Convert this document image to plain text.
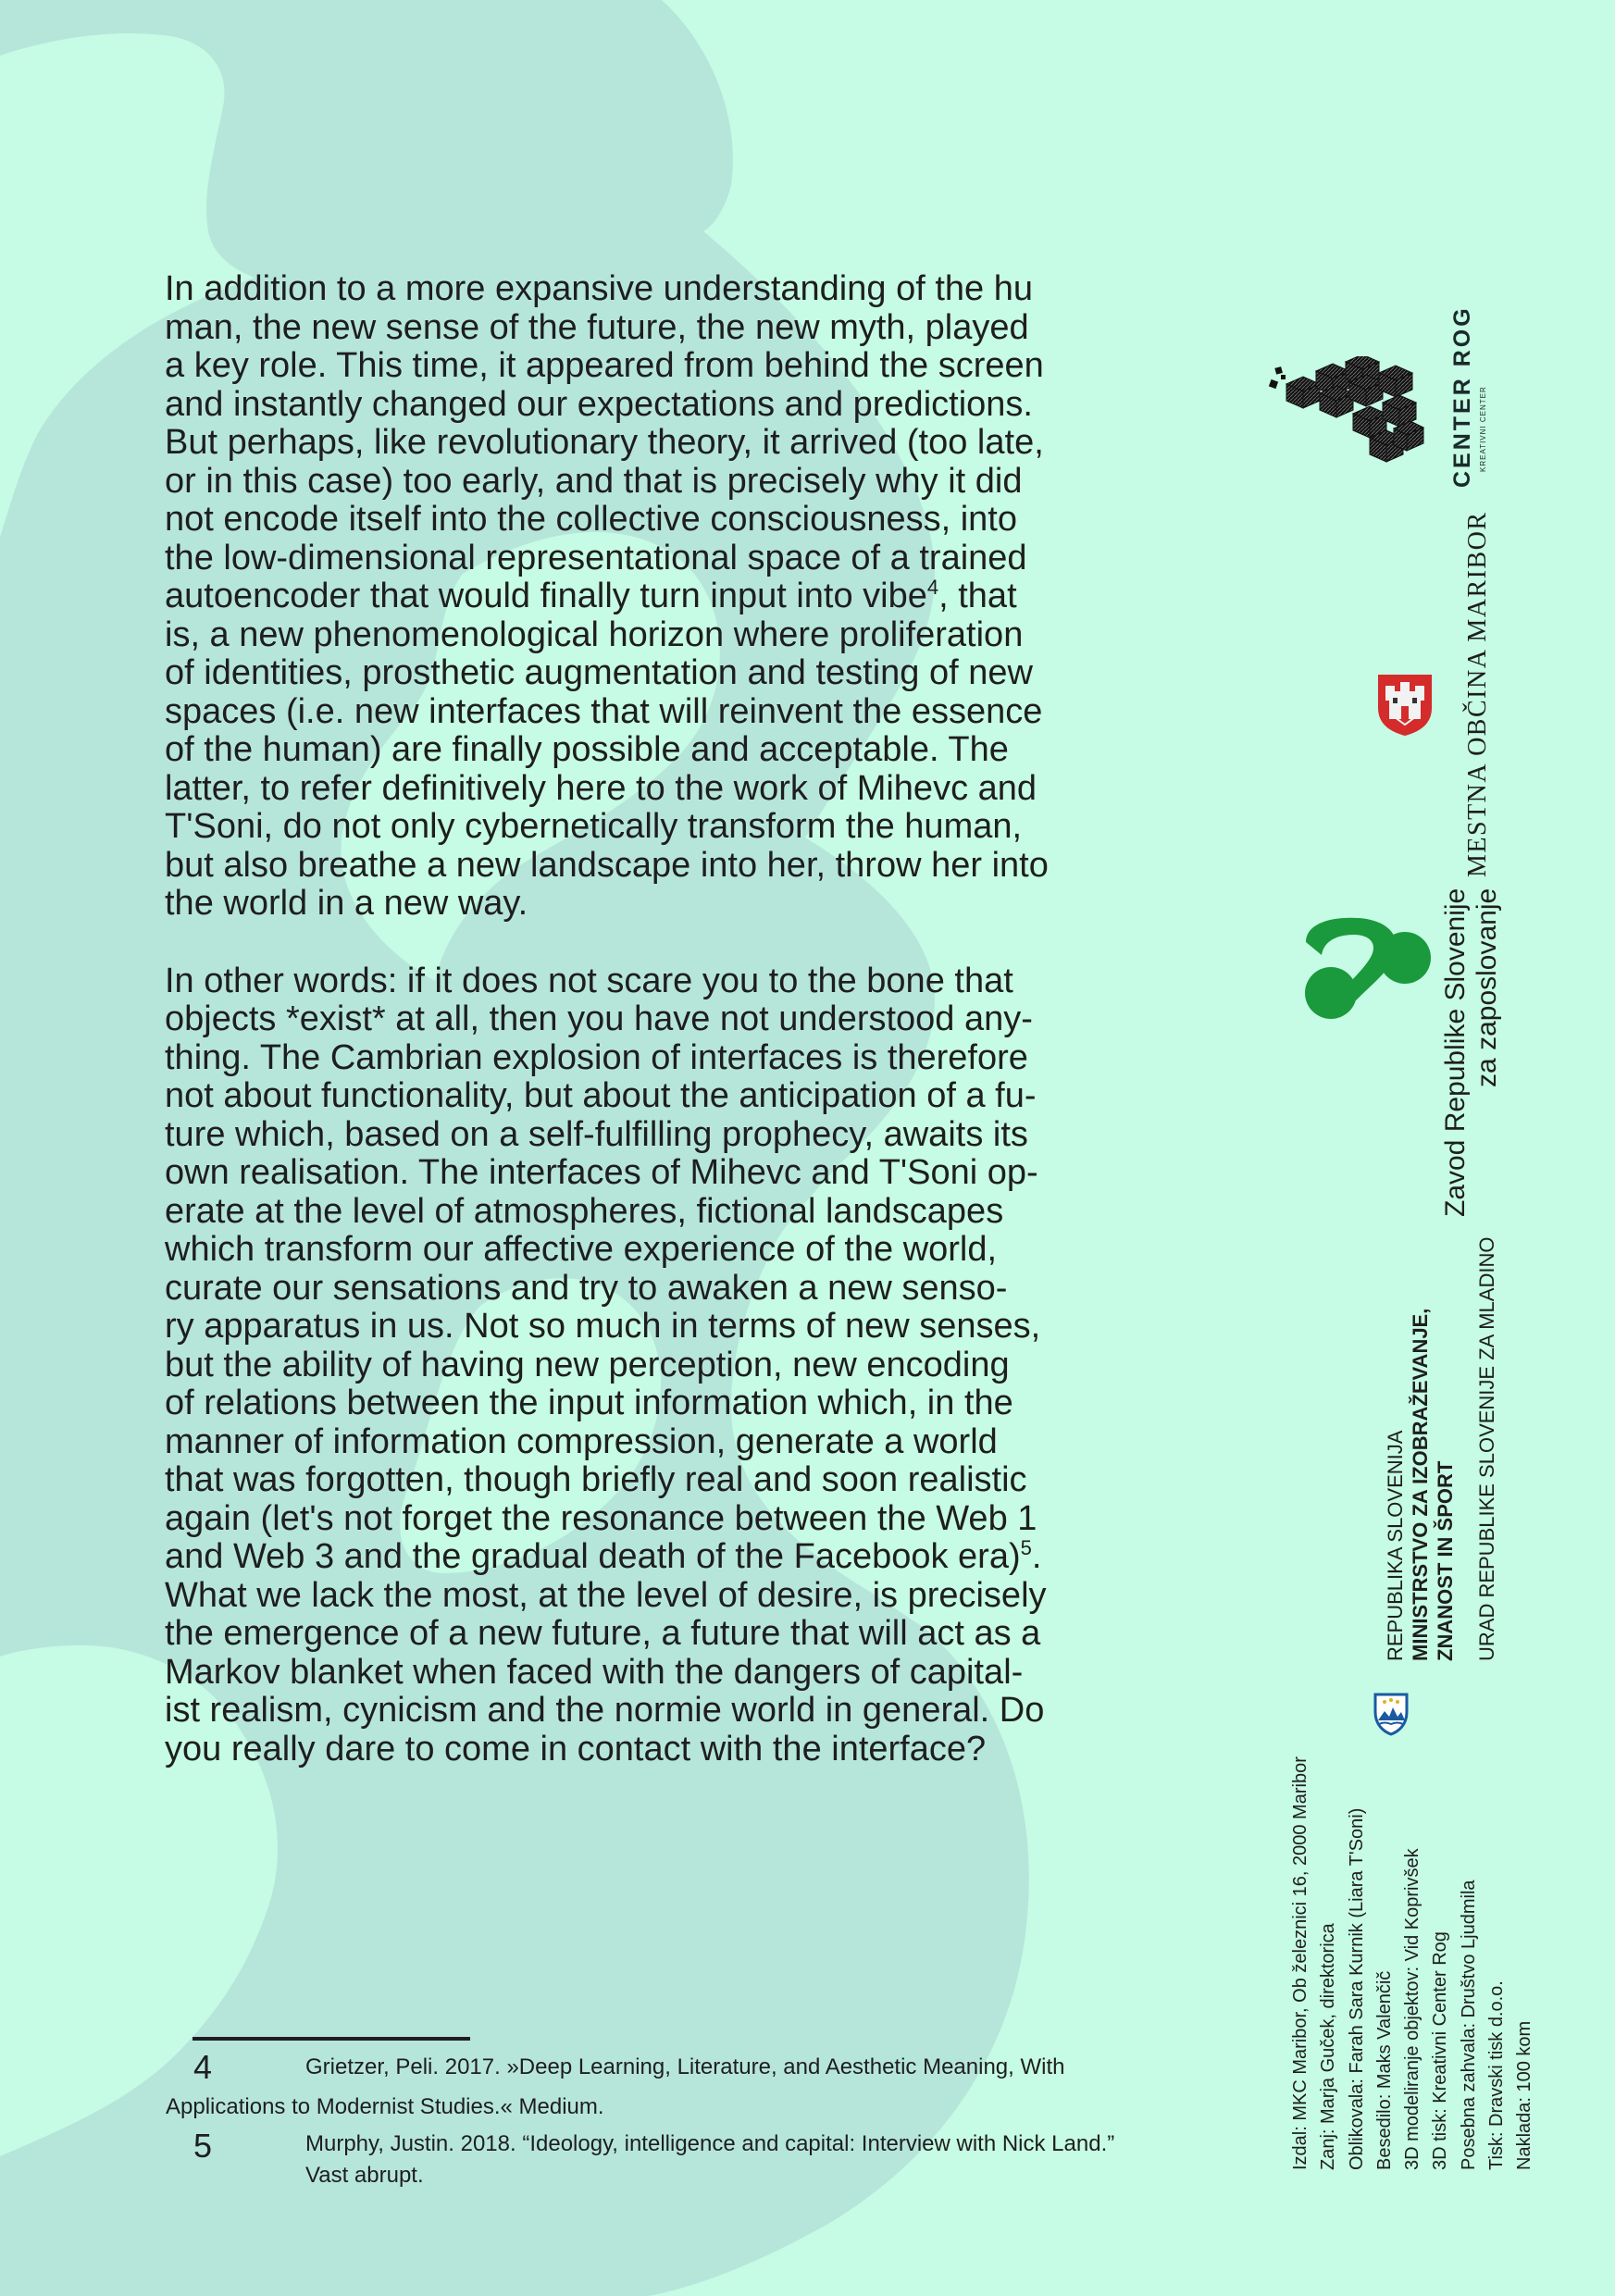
In addition to a more expansive understanding of the hu
man, the new sense of the future, the new myth, played
a key role. This time, it appeared from behind the screen
and instantly changed our expectations and predictions.
But perhaps, like revolutionary theory, it arrived (too late,
or in this case) too early, and that is precisely why it did
not encode itself into the collective consciousness, into
the low-dimensional representational space of a trained
autoencoder that would finally turn input into vibe$^4$, that
is, a new phenomenological horizon where proliferation
of identities, prosthetic augmentation and testing of new
spaces (i.e. new interfaces that will reinvent the essence
of the human) are finally possible and acceptable. The
latter, to refer definitively here to the work of Mihevc and
T'Soni, do not only cybernetically transform the human,
but also breathe a new landscape into her, throw her into
the world in a new way.

In other words: if it does not scare you to the bone that
objects *exist* at all, then you have not understood any-
thing. The Cambrian explosion of interfaces is therefore
not about functionality, but about the anticipation of a fu-
ture which, based on a self-fulfilling prophecy, awaits its
own realisation. The interfaces of Mihevc and T'Soni op-
erate at the level of atmospheres, fictional landscapes
which transform our affective experience of the world,
curate our sensations and try to awaken a new senso-
ry apparatus in us. Not so much in terms of new senses,
but the ability of having new perception, new encoding
of relations between the input information which, in the
manner of information compression, generate a world
that was forgotten, though briefly real and soon realistic
again (let's not forget the resonance between the Web 1
and Web 3 and the gradual death of the Facebook era)$^5$.
What we lack the most, at the level of desire, is precisely
the emergence of a new future, a future that will act as a
Markov blanket when faced with the dangers of capital-
ist realism, cynicism and the normie world in general. Do
you really dare to come in contact with the interface?

4	Grietzer, Peli. 2017. »Deep Learning, Literature, and Aesthetic Meaning, With
Applications to Modernist Studies.« Medium.
5	Murphy, Justin. 2018. “Ideology, intelligence and capital: Interview with Nick Land.” Vast abrupt.
Izdal: MKC Maribor, Ob železnici 16, 2000 Maribor Zanj: Marja Guček, direktorica Oblikovala: Farah Sara Kurnik (Liara T'Soni) Besedilo: Maks Valenčič 3D modeliranje objektov: Vid Koprivšek 3D tisk: Kreativni Center Rog Posebna zahvala: Društvo Ljudmila Tisk: Dravski tisk d.o.o. Naklada: 100 kom
REPUBLIKA SLOVENIJA MINISTRSTVO ZA IZOBRAŽEVANJE, ZNANOST IN ŠPORT URAD REPUBLIKE SLOVENIJE ZA MLADINO
Zavod Republike Slovenije za zaposlovanje
MESTNA OBČINA MARIBOR
CENTER ROG KREATIVNI CENTER
